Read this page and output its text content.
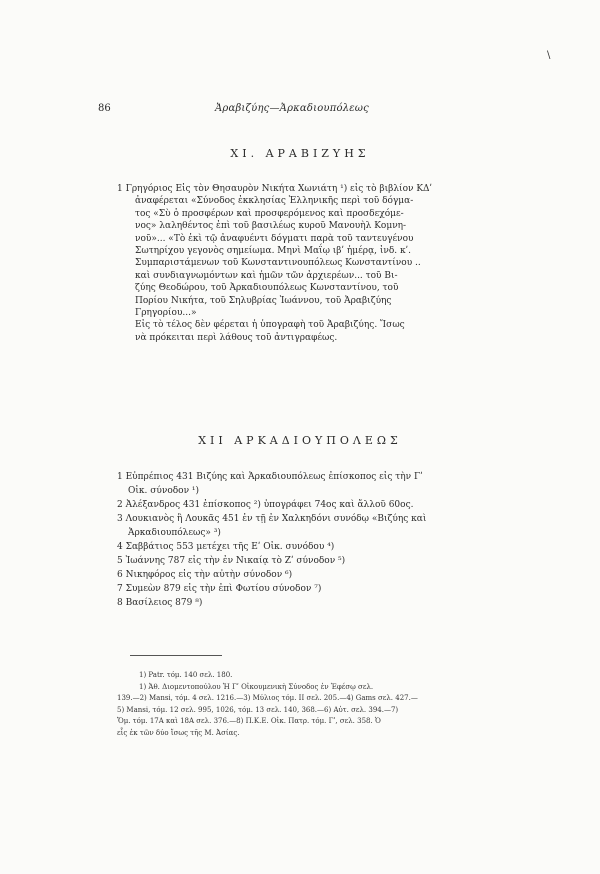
\
86	Ἀραβιζύης—Ἀρκαδιουπόλεως
XI. ΑΡΑΒΙΖΥΗΣ
1 Γρηγόριος Εἰς τὸν Θησαυρὸν Νικήτα Χωνιάτη ¹) εἰς τὸ βιβλίον ΚΔʹ
ἀναφέρεται «Σύνοδος ἐκκλησίας Ἑλληνικῆς περὶ τοῦ δόγμα-
τος «Σὺ ὁ προσφέρων καὶ προσφερόμενος καὶ προσδεχόμε-
νος» λαληθέντος ἐπὶ τοῦ βασιλέως κυροῦ Μανουὴλ Κομνη-
νοῦ»... «Τὸ ἐκὶ τῷ ἀναφυέντι δόγματι παρὰ τοῦ ταντευγένου
Σωτηρίχου γεγονὸς σημείωμα. Μηνὶ Μαΐῳ ιβʹ ἡμέρᾳ, ἰνδ. κʹ.
Συμπαριστάμενων τοῦ Κωνσταντινουπόλεως Κωνσταντίνου ..
καὶ συνδιαγνωμόντων καὶ ἡμῶν τῶν ἀρχιερέων... τοῦ Βι-
ζύης Θεοδώρου, τοῦ Ἀρκαδιουπόλεως Κωνσταντίνου, τοῦ
Πορίου Νικήτα, τοῦ Σηλυβρίας Ἰωάννου, τοῦ Ἀραβιζύης
Γρηγορίου...»
Εἰς τὸ τέλος δὲν φέρεται ἡ ὑπογραφὴ τοῦ Ἀραβιζύης. Ἴσως
νὰ πρόκειται περὶ λάθους τοῦ ἀντιγραφέως.
XII ΑΡΚΑΔΙΟΥΠΟΛΕΩΣ
1 Εὐπρέπιος 431 Βιζύης καὶ Ἀρκαδιουπόλεως ἐπίσκοπος εἰς τὴν Γʹ
Οἰκ. σύνοδον ¹)
2 Ἀλέξανδρος 431 ἐπίσκοπος ²) ὑπογράφει 74ος καὶ ἄλλοῦ 60ος.
3 Λουκιανὸς ἢ Λουκᾶς 451 ἐν τῇ ἐν Χαλκηδόνι συνόδῳ «Βιζύης καὶ
Ἀρκαδιουπόλεως» ³)
4 Σαββάτιος 553 μετέχει τῆς Εʹ Οἰκ. συνόδου ⁴)
5 Ἰωάννης 787 εἰς τὴν ἐν Νικαίᾳ τὸ Ζʹ σύνοδον ⁵)
6 Νικηφόρος εἰς τὴν αὐτὴν σύνοδον ⁶)
7 Συμεὼν 879 εἰς τὴν ἐπὶ Φωτίου σύνοδον ⁷)
8 Βασίλειος 879 ⁸)
1) Patr. τόμ. 140 σελ. 180.
1) Ἀθ. Διομεντοπούλου Ἡ Γʹ Οἰκουμενικὴ Σύνοδος ἐν Ἐφέσῳ σελ.
139.—2) Μansi, τόμ. 4 σελ. 1216.—3) Mύλιος τόμ. II σελ. 205.—4) Gams σελ. 427.—
5) Mansi, τόμ. 12 σελ. 995, 1026, τόμ. 13 σελ. 140, 368.—6) Αὐτ. σελ. 394.—7)
Ὅμ. τόμ. 17Α καὶ 18Α σελ. 376.—8) Π.Κ.Ε. Οἰκ. Πατρ. τόμ. Γʹ, σελ. 358. Ὁ
εἷς ἐκ τῶν δύο ἴσως τῆς Μ. Ἀσίας.
